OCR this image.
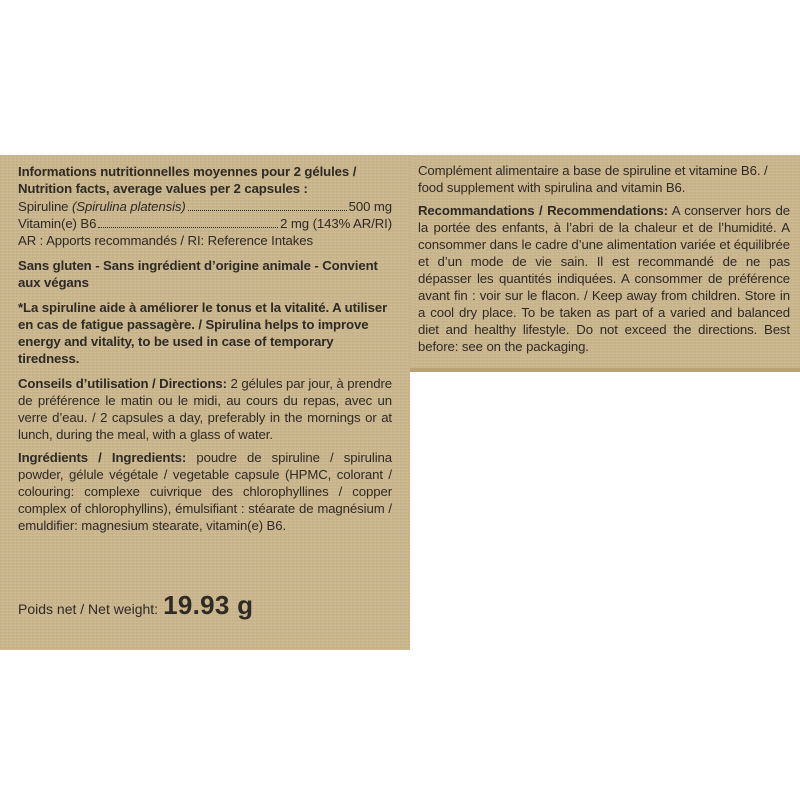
Informations nutritionnelles moyennes pour 2 gélules / Nutrition facts, average values per 2 capsules :

Spiruline (Spirulina platensis)	500 mg
Vitamin(e) B6	2 mg (143% AR/RI)

AR : Apports recommandés / RI: Reference Intakes

Sans gluten - Sans ingrédient d’origine animale - Convient aux végans

*La spiruline aide à améliorer le tonus et la vitalité. A utiliser en cas de fatigue passagère. / Spirulina helps to improve energy and vitality, to be used in case of temporary tiredness.

Conseils d’utilisation / Directions: 2 gélules par jour, à prendre de préférence le matin ou le midi, au cours du repas, avec un verre d’eau. / 2 capsules a day, preferably in the mornings or at lunch, during the meal, with a glass of water.

Ingrédients / Ingredients: poudre de spiruline / spirulina powder, gélule végétale / vegetable capsule (HPMC, colorant / colouring: complexe cuivrique des chlorophyllines / copper complex of chlorophyllins), émulsifiant : stéarate de magnésium / emuldifier: magnesium stearate, vitamin(e) B6.

Poids net / Net weight: 19.93 g

Complément alimentaire a base de spiruline et vitamine B6. / food supplement with spirulina and vitamin B6.

Recommandations / Recommendations: A conserver hors de la portée des enfants, à l’abri de la chaleur et de l’humidité. A consommer dans le cadre d’une alimentation variée et équilibrée et d’un mode de vie sain. Il est recommandé de ne pas dépasser les quantités indiquées. A consommer de préférence avant fin : voir sur le flacon. / Keep away from children. Store in a cool dry place. To be taken as part of a varied and balanced diet and healthy lifestyle. Do not exceed the directions. Best before: see on the packaging.
